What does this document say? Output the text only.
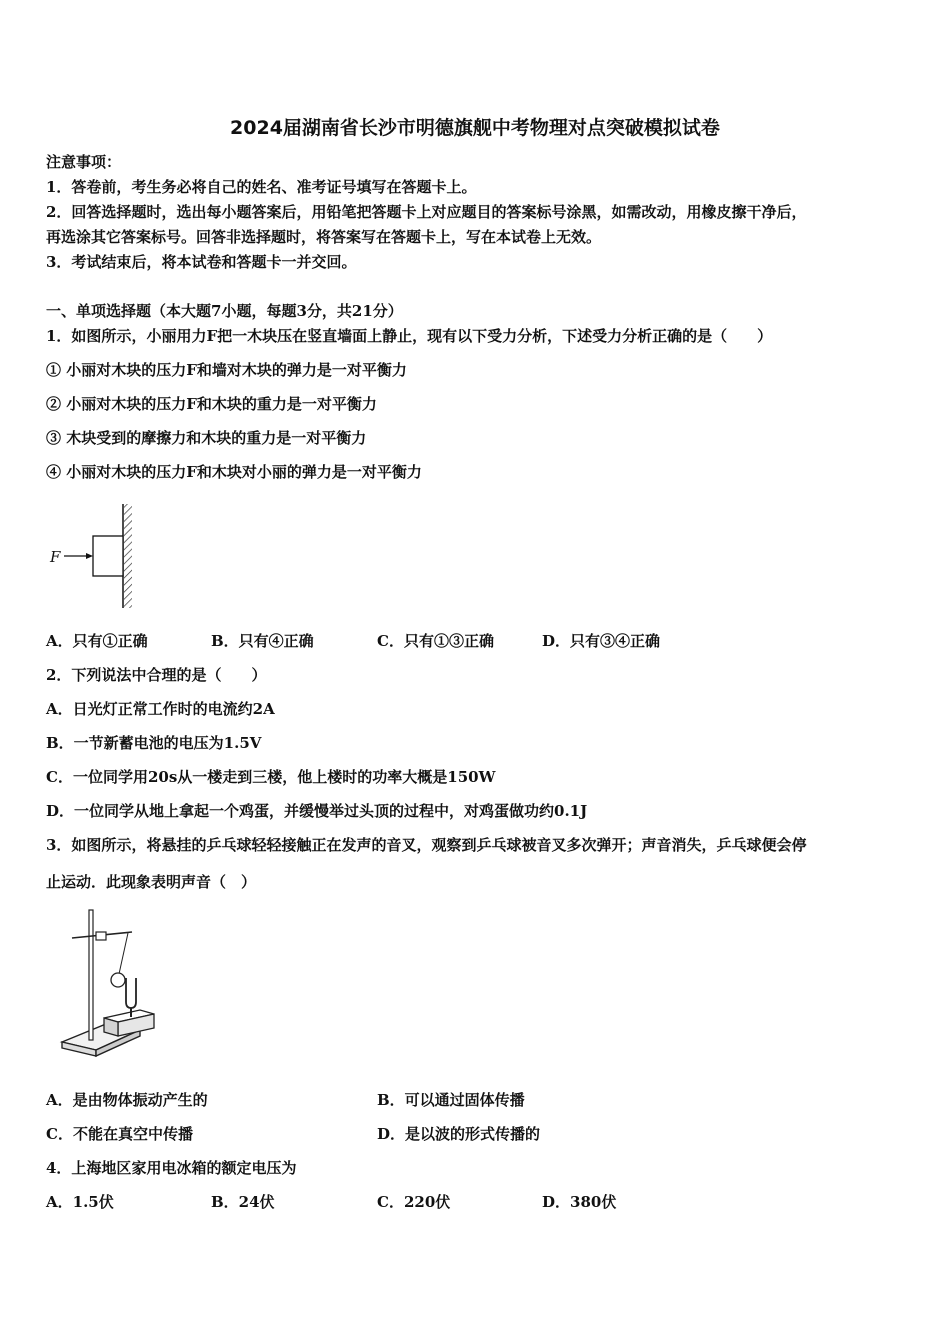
2024届湖南省长沙市明德旗舰中考物理对点突破模拟试卷
注意事项：
1．答卷前，考生务必将自己的姓名、准考证号填写在答题卡上。
2．回答选择题时，选出每小题答案后，用铅笔把答题卡上对应题目的答案标号涂黑，如需改动，用橡皮擦干净后，
再选涂其它答案标号。回答非选择题时，将答案写在答题卡上，写在本试卷上无效。
3．考试结束后，将本试卷和答题卡一并交回。
一、单项选择题（本大题7小题，每题3分，共21分）
1．如图所示，小丽用力F把一木块压在竖直墙面上静止，现有以下受力分析，下述受力分析正确的是（　　）
① 小丽对木块的压力F和墙对木块的弹力是一对平衡力
② 小丽对木块的压力F和木块的重力是一对平衡力
③ 木块受到的摩擦力和木块的重力是一对平衡力
④ 小丽对木块的压力F和木块对小丽的弹力是一对平衡力
F
A．只有①正确	B．只有④正确	C．只有①③正确	D．只有③④正确
2．下列说法中合理的是（　　）
A．日光灯正常工作时的电流约2A
B．一节新蓄电池的电压为1.5V
C．一位同学用20s从一楼走到三楼，他上楼时的功率大概是150W
D．一位同学从地上拿起一个鸡蛋，并缓慢举过头顶的过程中，对鸡蛋做功约0.1J
3．如图所示，将悬挂的乒乓球轻轻接触正在发声的音叉，观察到乒乓球被音叉多次弹开；声音消失，乒乓球便会停
止运动．此现象表明声音（　）
A．是由物体振动产生的	B．可以通过固体传播
C．不能在真空中传播	D．是以波的形式传播的
4．上海地区家用电冰箱的额定电压为
A．1.5伏	B．24伏	C．220伏	D．380伏
